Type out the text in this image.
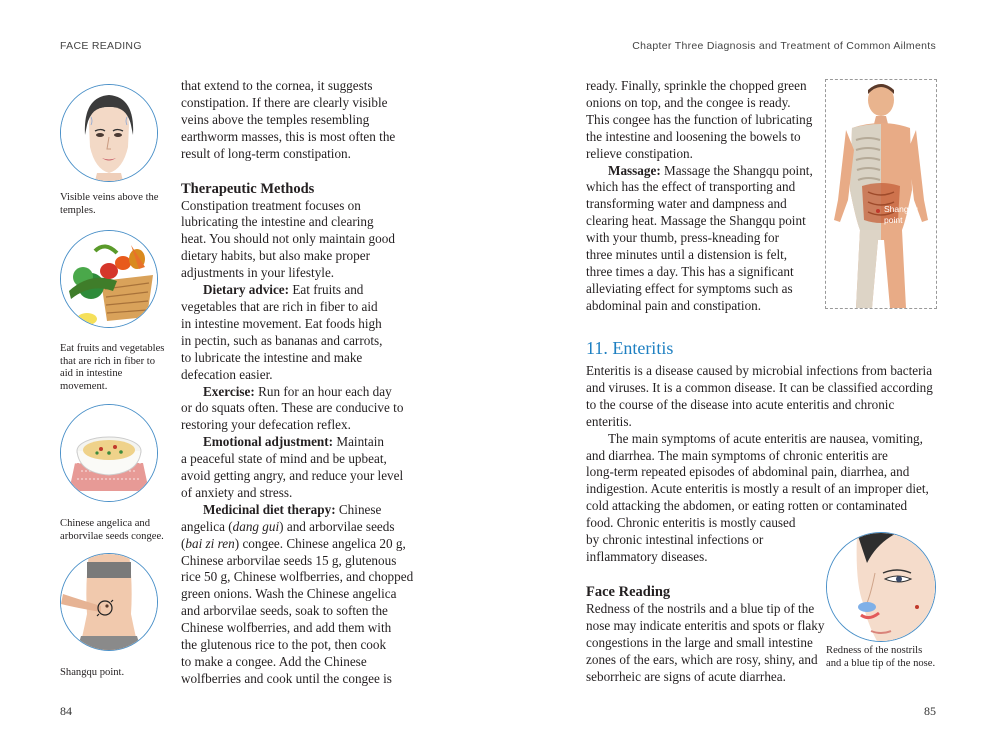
FACE READING
Visible veins above the temples.
Eat fruits and vegetables that are rich in fiber to aid in intestine movement.
Chinese angelica and arborvilae seeds congee.
Shangqu point.

that extend to the cornea, it suggests

constipation. If there are clearly visible

veins above the temples resembling

earthworm masses, this is most often the

result of long-term constipation.

Therapeutic Methods

Constipation treatment focuses on

lubricating the intestine and clearing

heat. You should not only maintain good

dietary habits, but also make proper

adjustments in your lifestyle.

Dietary advice: Eat fruits and

vegetables that are rich in fiber to aid

in intestine movement. Eat foods high

in pectin, such as bananas and carrots,

to lubricate the intestine and make

defecation easier.

Exercise: Run for an hour each day

or do squats often. These are conducive to

restoring your defecation reflex.

Emotional adjustment: Maintain

a peaceful state of mind and be upbeat,

avoid getting angry, and reduce your level

of anxiety and stress.

Medicinal diet therapy: Chinese

angelica (dang gui) and arborvilae seeds

(bai zi ren) congee. Chinese angelica 20 g,

Chinese arborvilae seeds 15 g, glutenous

rice 50 g, Chinese wolfberries, and chopped

green onions. Wash the Chinese angelica

and arborvilae seeds, soak to soften the

Chinese wolfberries, and add them with

the glutenous rice to the pot, then cook

to make a congee. Add the Chinese

wolfberries and cook until the congee is

84
Chapter Three Diagnosis and Treatment of Common Ailments
Shangqu point

ready. Finally, sprinkle the chopped green

onions on top, and the congee is ready.

This congee has the function of lubricating

the intestine and loosening the bowels to

relieve constipation.

Massage: Massage the Shangqu point,

which has the effect of transporting and

transforming water and dampness and

clearing heat. Massage the Shangqu point

with your thumb, press-kneading for

three minutes until a distension is felt,

three times a day. This has a significant

alleviating effect for symptoms such as

abdominal pain and constipation.

11. Enteritis

Enteritis is a disease caused by microbial infections from bacteria

and viruses. It is a common disease. It can be classified according

to the course of the disease into acute enteritis and chronic

enteritis.

The main symptoms of acute enteritis are nausea, vomiting,

and diarrhea. The main symptoms of chronic enteritis are

long-term repeated episodes of abdominal pain, diarrhea, and

indigestion. Acute enteritis is mostly a result of an improper diet,

cold attacking the abdomen, or eating rotten or contaminated

food. Chronic enteritis is mostly caused

by chronic intestinal infections or

inflammatory diseases.

Face Reading

Redness of the nostrils and a blue tip of the

nose may indicate enteritis and spots or flaky

congestions in the large and small intestine

zones of the ears, which are rosy, shiny, and

seborrheic are signs of acute diarrhea.

Redness of the nostrils and a blue tip of the nose.
85
